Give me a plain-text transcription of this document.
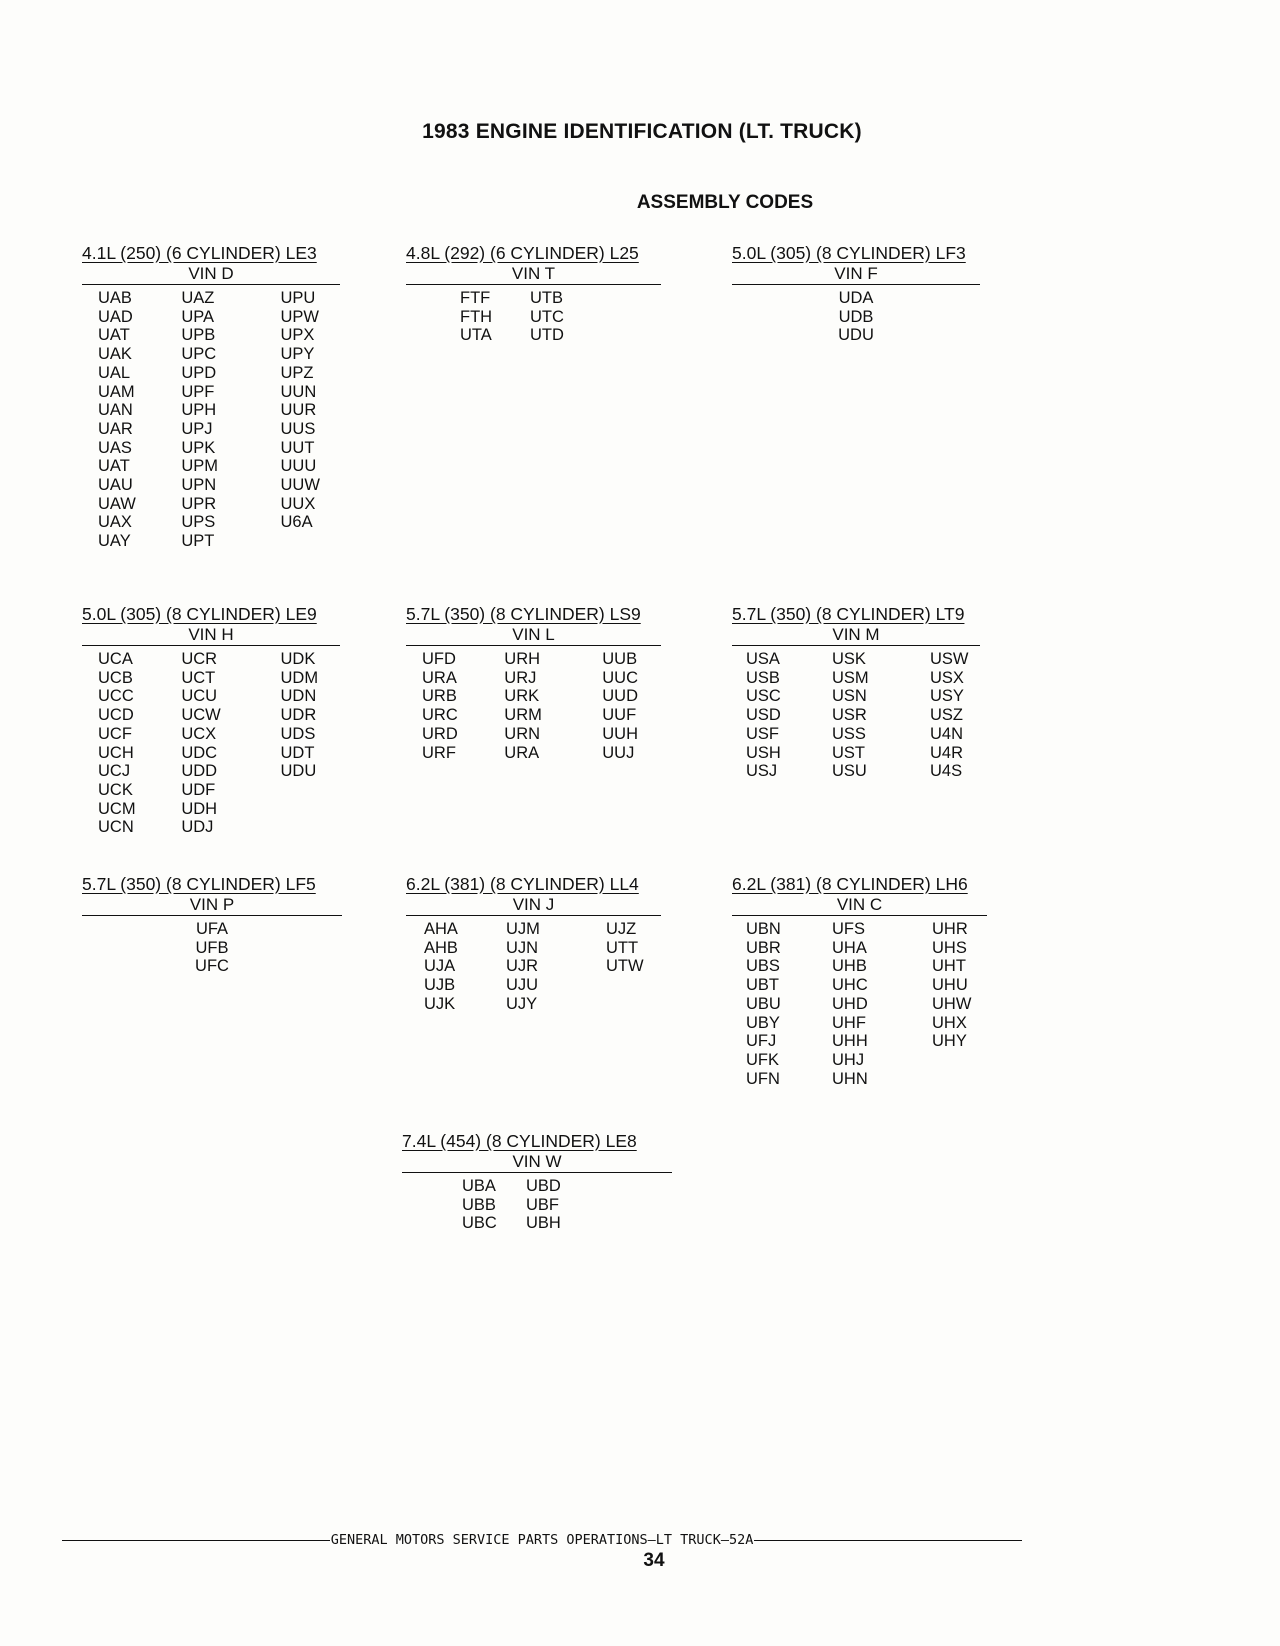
1983 ENGINE IDENTIFICATION (LT. TRUCK)
ASSEMBLY CODES
4.1L (250) (6 CYLINDER) LE3
VIN D
UAB
UAD
UAT
UAK
UAL
UAM
UAN
UAR
UAS
UAT
UAU
UAW
UAX
UAY
UAZ
UPA
UPB
UPC
UPD
UPF
UPH
UPJ
UPK
UPM
UPN
UPR
UPS
UPT
UPU
UPW
UPX
UPY
UPZ
UUN
UUR
UUS
UUT
UUU
UUW
UUX
U6A
4.8L (292) (6 CYLINDER) L25
VIN T
FTF
FTH
UTA
UTB
UTC
UTD
5.0L (305) (8 CYLINDER) LF3
VIN F
UDA
UDB
UDU
5.0L (305) (8 CYLINDER) LE9
VIN H
UCA
UCB
UCC
UCD
UCF
UCH
UCJ
UCK
UCM
UCN
UCR
UCT
UCU
UCW
UCX
UDC
UDD
UDF
UDH
UDJ
UDK
UDM
UDN
UDR
UDS
UDT
UDU
5.7L (350) (8 CYLINDER) LS9
VIN L
UFD
URA
URB
URC
URD
URF
URH
URJ
URK
URM
URN
URA
UUB
UUC
UUD
UUF
UUH
UUJ
5.7L (350) (8 CYLINDER) LT9
VIN M
USA
USB
USC
USD
USF
USH
USJ
USK
USM
USN
USR
USS
UST
USU
USW
USX
USY
USZ
U4N
U4R
U4S
5.7L (350) (8 CYLINDER) LF5
VIN P
UFA
UFB
UFC
6.2L (381) (8 CYLINDER) LL4
VIN J
AHA
AHB
UJA
UJB
UJK
UJM
UJN
UJR
UJU
UJY
UJZ
UTT
UTW
6.2L (381) (8 CYLINDER) LH6
VIN C
UBN
UBR
UBS
UBT
UBU
UBY
UFJ
UFK
UFN
UFS
UHA
UHB
UHC
UHD
UHF
UHH
UHJ
UHN
UHR
UHS
UHT
UHU
UHW
UHX
UHY
7.4L (454) (8 CYLINDER) LE8
VIN W
UBA
UBB
UBC
UBD
UBF
UBH
GENERAL MOTORS SERVICE PARTS OPERATIONS—LT TRUCK—52A
34
